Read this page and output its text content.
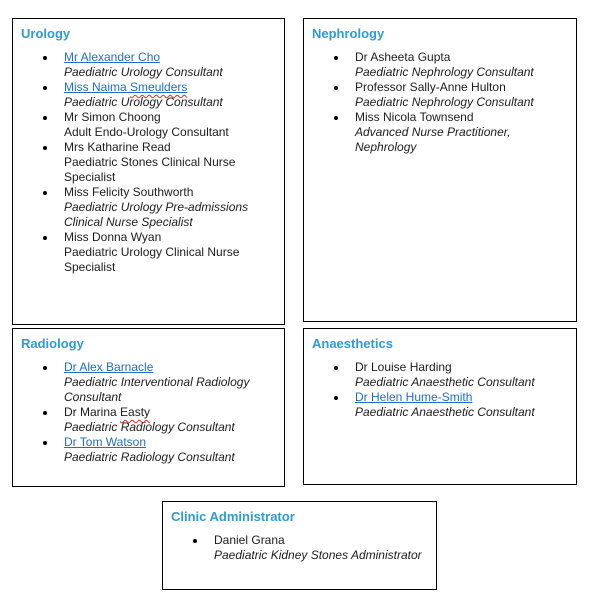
Urology
Mr Alexander Cho
Paediatric Urology Consultant
Miss Naima Smeulders
Paediatric Urology Consultant
Mr Simon Choong
Adult Endo-Urology Consultant
Mrs Katharine Read
Paediatric Stones Clinical Nurse Specialist
Miss Felicity Southworth
Paediatric Urology Pre-admissions Clinical Nurse Specialist
Miss Donna Wyan
Paediatric Urology Clinical Nurse Specialist
Nephrology
Dr Asheeta Gupta
Paediatric Nephrology Consultant
Professor Sally-Anne Hulton
Paediatric Nephrology Consultant
Miss Nicola Townsend
Advanced Nurse Practitioner, Nephrology
Radiology
Dr Alex Barnacle
Paediatric Interventional Radiology Consultant
Dr Marina Easty
Paediatric Radiology Consultant
Dr Tom Watson
Paediatric Radiology Consultant
Anaesthetics
Dr Louise Harding
Paediatric Anaesthetic Consultant
Dr Helen Hume-Smith
Paediatric Anaesthetic Consultant
Clinic Administrator
Daniel Grana
Paediatric Kidney Stones Administrator
